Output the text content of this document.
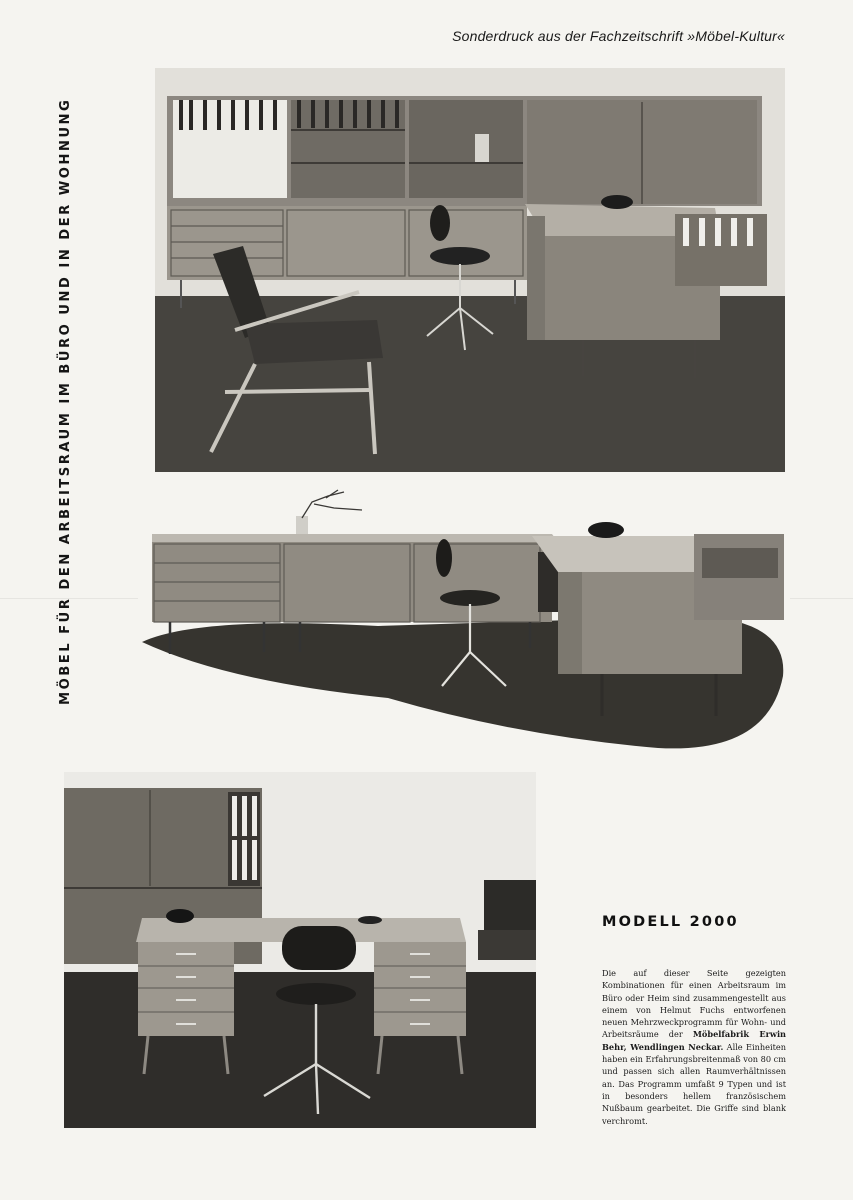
Sonderdruck aus der Fachzeitschrift »Möbel-Kultur«
MÖBEL FÜR DEN ARBEITSRAUM IM BÜRO UND IN DER WOHNUNG
MODELL 2000
Die auf dieser Seite gezeigten Kombinationen für einen Arbeitsraum im Büro oder Heim sind zusammengestellt aus einem von Helmut Fuchs entworfenen neuen Mehrzweckprogramm für Wohn- und Arbeitsräume der Möbelfabrik Erwin Behr, Wendlingen Neckar. Alle Einheiten haben ein Erfahrungsbreitenmaß von 80 cm und passen sich allen Raumverhältnissen an. Das Programm umfaßt 9 Typen und ist in besonders hellem französischem Nußbaum gearbeitet. Die Griffe sind blank verchromt.
